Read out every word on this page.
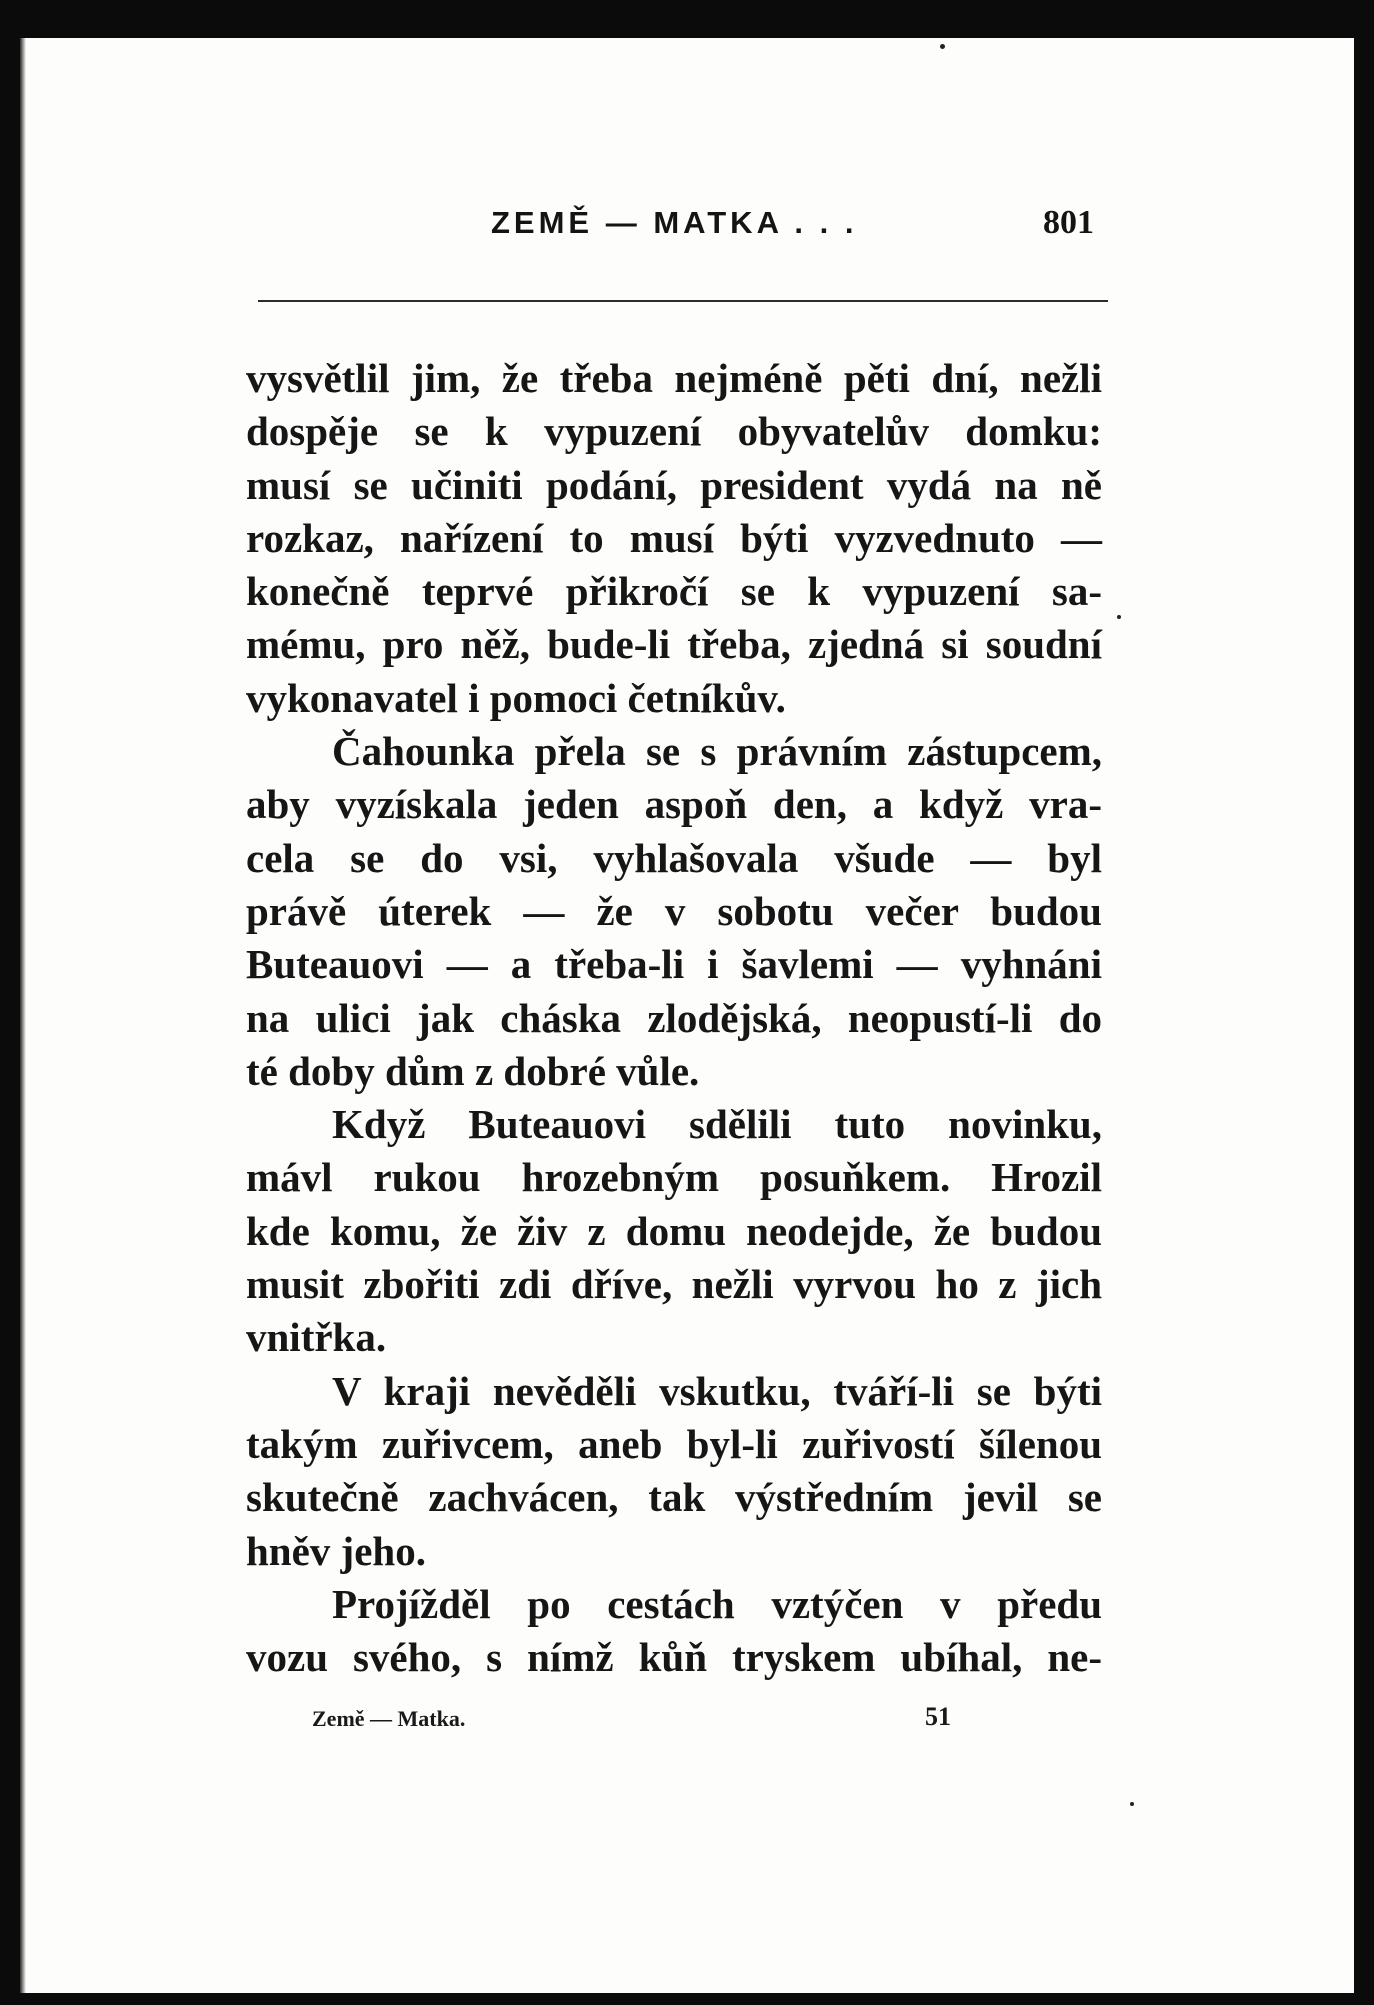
ZEMĚ — MATKA . . .	801
vysvětlil jim, že třeba nejméně pěti dní, nežli
dospěje se k vypuzení obyvatelův domku:
musí se učiniti podání, president vydá na ně
rozkaz, nařízení to musí býti vyzvednuto —
konečně teprvé přikročí se k vypuzení sa-
mému, pro něž, bude-li třeba, zjedná si soudní
vykonavatel i pomoci četníkův.
Čahounka přela se s právním zástupcem,
aby vyzískala jeden aspoň den, a když vra-
cela se do vsi, vyhlašovala všude — byl
právě úterek — že v sobotu večer budou
Buteauovi — a třeba-li i šavlemi — vyhnáni
na ulici jak cháska zlodějská, neopustí-li do
té doby dům z dobré vůle.
Když Buteauovi sdělili tuto novinku,
mávl rukou hrozebným posuňkem. Hrozil
kde komu, že živ z domu neodejde, že budou
musit zbořiti zdi dříve, nežli vyrvou ho z jich
vnitřka.
V kraji nevěděli vskutku, tváří-li se býti
takým zuřivcem, aneb byl-li zuřivostí šílenou
skutečně zachvácen, tak výstředním jevil se
hněv jeho.
Projížděl po cestách vztýčen v předu
vozu svého, s nímž kůň tryskem ubíhal, ne-
Země — Matka.	51
